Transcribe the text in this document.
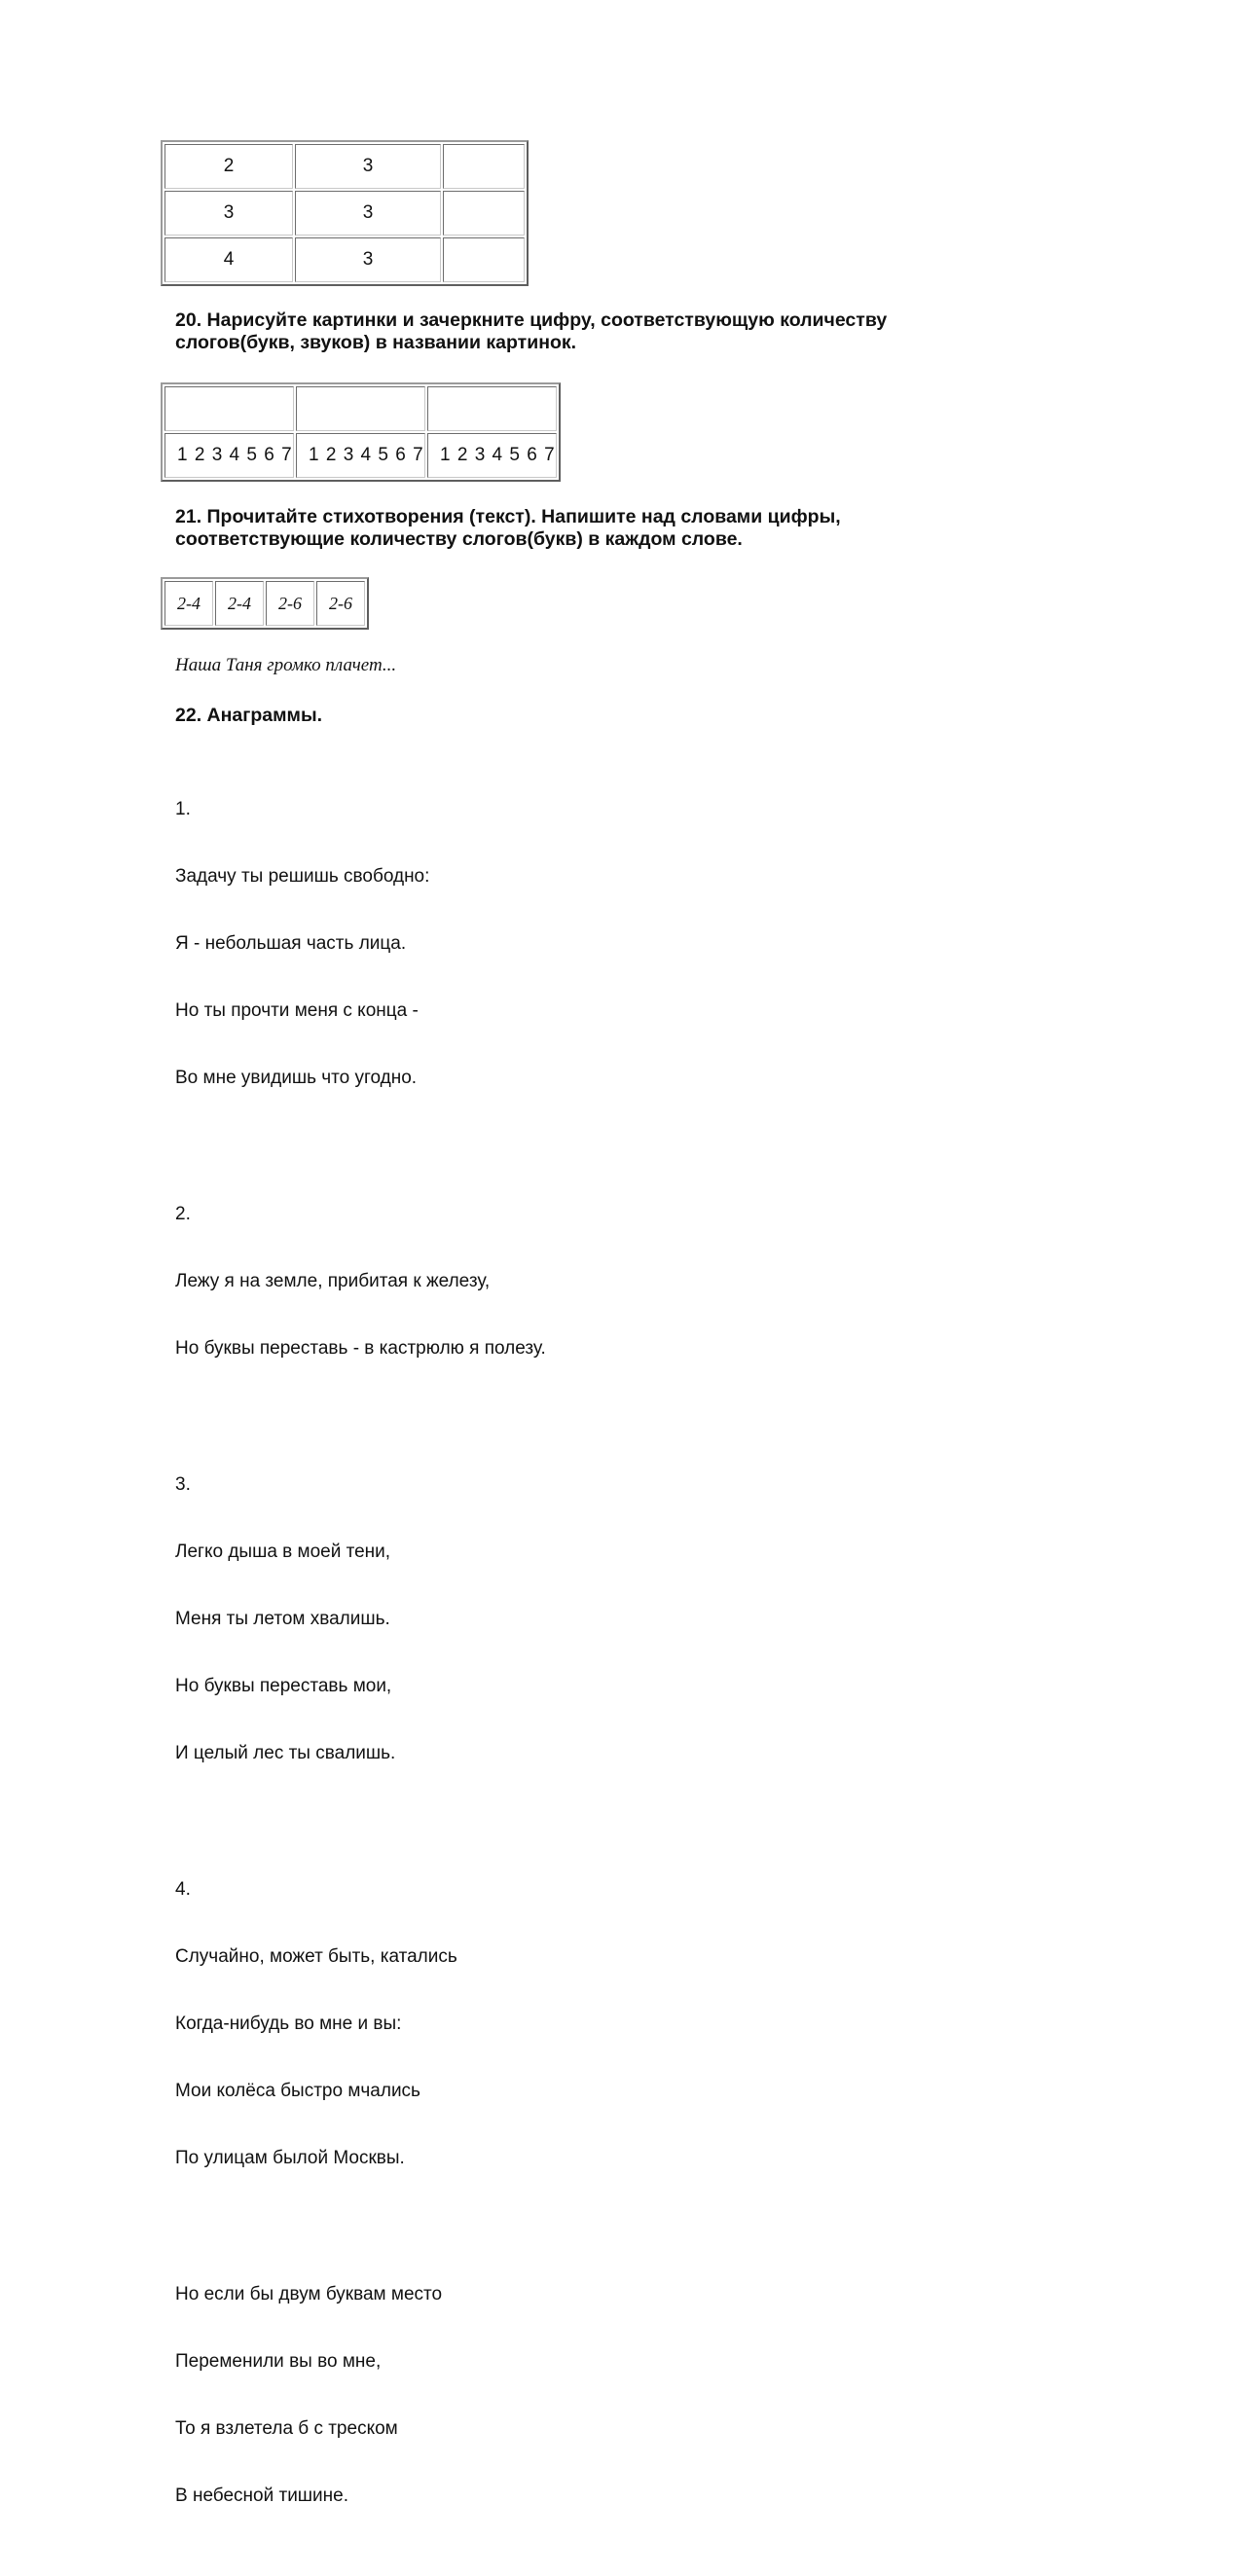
2	3	
3	3	
4	3	
20. Нарисуйте картинки и зачеркните цифру, соответствующую количеству
слогов(букв, звуков) в названии картинок.

1 2 3 4 5 6 7	1 2 3 4 5 6 7	1 2 3 4 5 6 7
21. Прочитайте стихотворения (текст). Напишите над словами цифры,
соответствующие количеству слогов(букв) в каждом слове.
2-4	2-4	2-6	2-6
Наша Таня громко плачет...
22. Анаграммы.

1.

Задачу ты решишь свободно:

Я - небольшая часть лица.

Но ты прочти меня с конца -

Во мне увидишь что угодно.

2.

Лежу я на земле, прибитая к железу,

Но буквы переставь - в кастрюлю я полезу.

3.

Легко дыша в моей тени,

Меня ты летом хвалишь.

Но буквы переставь мои,

И целый лес ты свалишь.

4.

Случайно, может быть, катались

Когда-нибудь во мне и вы:

Мои колёса быстро мчались

По улицам былой Москвы.

Но если бы двум буквам место

Переменили вы во мне,

То я взлетела б с треском

В небесной тишине.
